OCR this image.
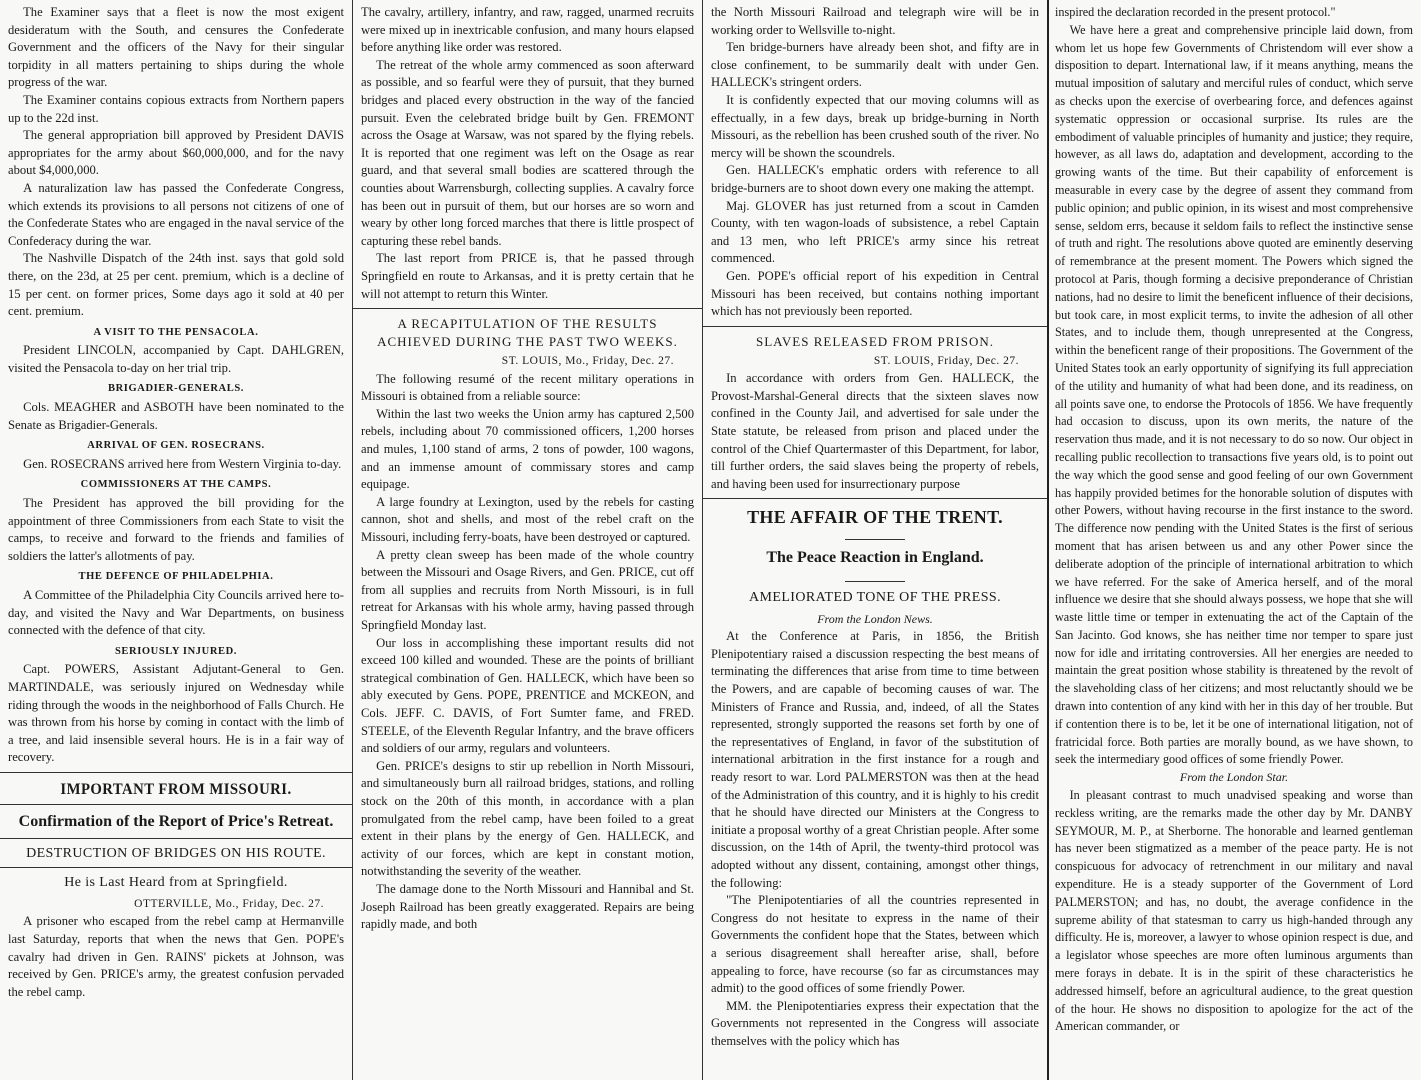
The Examiner says that a fleet is now the most exigent desideratum with the South, and censures the Confederate Government and the officers of the Navy for their singular torpidity in all matters pertaining to ships during the whole progress of the war.

The Examiner contains copious extracts from Northern papers up to the 22d inst.

The general appropriation bill approved by President DAVIS appropriates for the army about $60,000,000, and for the navy about $4,000,000.

A naturalization law has passed the Confederate Congress, which extends its provisions to all persons not citizens of one of the Confederate States who are engaged in the naval service of the Confederacy during the war.

The Nashville Dispatch of the 24th inst. says that gold sold there, on the 23d, at 25 per cent. premium, which is a decline of 15 per cent. on former prices, Some days ago it sold at 40 per cent. premium.

A VISIT TO THE PENSACOLA.

President LINCOLN, accompanied by Capt. DAHLGREN, visited the Pensacola to-day on her trial trip.

BRIGADIER-GENERALS.

Cols. MEAGHER and ASBOTH have been nominated to the Senate as Brigadier-Generals.

ARRIVAL OF GEN. ROSECRANS.

Gen. ROSECRANS arrived here from Western Virginia to-day.

COMMISSIONERS AT THE CAMPS.

The President has approved the bill providing for the appointment of three Commissioners from each State to visit the camps, to receive and forward to the friends and families of soldiers the latter's allotments of pay.

THE DEFENCE OF PHILADELPHIA.

A Committee of the Philadelphia City Councils arrived here to-day, and visited the Navy and War Departments, on business connected with the defence of that city.

SERIOUSLY INJURED.

Capt. POWERS, Assistant Adjutant-General to Gen. MARTINDALE, was seriously injured on Wednesday while riding through the woods in the neighborhood of Falls Church. He was thrown from his horse by coming in contact with the limb of a tree, and laid insensible several hours. He is in a fair way of recovery.

IMPORTANT FROM MISSOURI.

Confirmation of the Report of Price's Retreat.

DESTRUCTION OF BRIDGES ON HIS ROUTE.

He is Last Heard from at Springfield.

OTTERVILLE, Mo., Friday, Dec. 27.

A prisoner who escaped from the rebel camp at Hermanville last Saturday, reports that when the news that Gen. POPE's cavalry had driven in Gen. RAINS' pickets at Johnson, was received by Gen. PRICE's army, the greatest confusion pervaded the rebel camp.

The cavalry, artillery, infantry, and raw, ragged, unarmed recruits were mixed up in inextricable confusion, and many hours elapsed before anything like order was restored.

The retreat of the whole army commenced as soon afterward as possible, and so fearful were they of pursuit, that they burned bridges and placed every obstruction in the way of the fancied pursuit. Even the celebrated bridge built by Gen. FREMONT across the Osage at Warsaw, was not spared by the flying rebels. It is reported that one regiment was left on the Osage as rear guard, and that several small bodies are scattered through the counties about Warrensburgh, collecting supplies. A cavalry force has been out in pursuit of them, but our horses are so worn and weary by other long forced marches that there is little prospect of capturing these rebel bands.

The last report from PRICE is, that he passed through Springfield en route to Arkansas, and it is pretty certain that he will not attempt to return this Winter.

A RECAPITULATION OF THE RESULTS ACHIEVED DURING THE PAST TWO WEEKS.

ST. LOUIS, Mo., Friday, Dec. 27.

The following resumé of the recent military operations in Missouri is obtained from a reliable source:

Within the last two weeks the Union army has captured 2,500 rebels, including about 70 commissioned officers, 1,200 horses and mules, 1,100 stand of arms, 2 tons of powder, 100 wagons, and an immense amount of commissary stores and camp equipage.

A large foundry at Lexington, used by the rebels for casting cannon, shot and shells, and most of the rebel craft on the Missouri, including ferry-boats, have been destroyed or captured.

A pretty clean sweep has been made of the whole country between the Missouri and Osage Rivers, and Gen. PRICE, cut off from all supplies and recruits from North Missouri, is in full retreat for Arkansas with his whole army, having passed through Springfield Monday last.

Our loss in accomplishing these important results did not exceed 100 killed and wounded. These are the points of brilliant strategical combination of Gen. HALLECK, which have been so ably executed by Gens. POPE, PRENTICE and MCKEON, and Cols. JEFF. C. DAVIS, of Fort Sumter fame, and FRED. STEELE, of the Eleventh Regular Infantry, and the brave officers and soldiers of our army, regulars and volunteers.

Gen. PRICE's designs to stir up rebellion in North Missouri, and simultaneously burn all railroad bridges, stations, and rolling stock on the 20th of this month, in accordance with a plan promulgated from the rebel camp, have been foiled to a great extent in their plans by the energy of Gen. HALLECK, and activity of our forces, which are kept in constant motion, notwithstanding the severity of the weather.

The damage done to the North Missouri and Hannibal and St. Joseph Railroad has been greatly exaggerated. Repairs are being rapidly made, and both

the North Missouri Railroad and telegraph wire will be in working order to Wellsville to-night.

Ten bridge-burners have already been shot, and fifty are in close confinement, to be summarily dealt with under Gen. HALLECK's stringent orders.

It is confidently expected that our moving columns will as effectually, in a few days, break up bridge-burning in North Missouri, as the rebellion has been crushed south of the river. No mercy will be shown the scoundrels.

Gen. HALLECK's emphatic orders with reference to all bridge-burners are to shoot down every one making the attempt.

Maj. GLOVER has just returned from a scout in Camden County, with ten wagon-loads of subsistence, a rebel Captain and 13 men, who left PRICE's army since his retreat commenced.

Gen. POPE's official report of his expedition in Central Missouri has been received, but contains nothing important which has not previously been reported.

SLAVES RELEASED FROM PRISON.

ST. LOUIS, Friday, Dec. 27.

In accordance with orders from Gen. HALLECK, the Provost-Marshal-General directs that the sixteen slaves now confined in the County Jail, and advertised for sale under the State statute, be released from prison and placed under the control of the Chief Quartermaster of this Department, for labor, till further orders, the said slaves being the property of rebels, and having been used for insurrectionary purpose

THE AFFAIR OF THE TRENT.

The Peace Reaction in England.

AMELIORATED TONE OF THE PRESS.

From the London News.

At the Conference at Paris, in 1856, the British Plenipotentiary raised a discussion respecting the best means of terminating the differences that arise from time to time between the Powers, and are capable of becoming causes of war. The Ministers of France and Russia, and, indeed, of all the States represented, strongly supported the reasons set forth by one of the representatives of England, in favor of the substitution of international arbitration in the first instance for a rough and ready resort to war. Lord PALMERSTON was then at the head of the Administration of this country, and it is highly to his credit that he should have directed our Ministers at the Congress to initiate a proposal worthy of a great Christian people. After some discussion, on the 14th of April, the twenty-third protocol was adopted without any dissent, containing, amongst other things, the following:

"The Plenipotentiaries of all the countries represented in Congress do not hesitate to express in the name of their Governments the confident hope that the States, between which a serious disagreement shall hereafter arise, shall, before appealing to force, have recourse (so far as circumstances may admit) to the good offices of some friendly Power.

MM. the Plenipotentiaries express their expectation that the Governments not represented in the Congress will associate themselves with the policy which has

inspired the declaration recorded in the present protocol."

We have here a great and comprehensive principle laid down, from whom let us hope few Governments of Christendom will ever show a disposition to depart. International law, if it means anything, means the mutual imposition of salutary and merciful rules of conduct, which serve as checks upon the exercise of overbearing force, and defences against systematic oppression or occasional surprise. Its rules are the embodiment of valuable principles of humanity and justice; they require, however, as all laws do, adaptation and development, according to the growing wants of the time. But their capability of enforcement is measurable in every case by the degree of assent they command from public opinion; and public opinion, in its wisest and most comprehensive sense, seldom errs, because it seldom fails to reflect the instinctive sense of truth and right. The resolutions above quoted are eminently deserving of remembrance at the present moment. The Powers which signed the protocol at Paris, though forming a decisive preponderance of Christian nations, had no desire to limit the beneficent influence of their decisions, but took care, in most explicit terms, to invite the adhesion of all other States, and to include them, though unrepresented at the Congress, within the beneficent range of their propositions. The Government of the United States took an early opportunity of signifying its full appreciation of the utility and humanity of what had been done, and its readiness, on all points save one, to endorse the Protocols of 1856. We have frequently had occasion to discuss, upon its own merits, the nature of the reservation thus made, and it is not necessary to do so now. Our object in recalling public recollection to transactions five years old, is to point out the way which the good sense and good feeling of our own Government has happily provided betimes for the honorable solution of disputes with other Powers, without having recourse in the first instance to the sword. The difference now pending with the United States is the first of serious moment that has arisen between us and any other Power since the deliberate adoption of the principle of international arbitration to which we have referred. For the sake of America herself, and of the moral influence we desire that she should always possess, we hope that she will waste little time or temper in extenuating the act of the Captain of the San Jacinto. God knows, she has neither time nor temper to spare just now for idle and irritating controversies. All her energies are needed to maintain the great position whose stability is threatened by the revolt of the slaveholding class of her citizens; and most reluctantly should we be drawn into contention of any kind with her in this day of her trouble. But if contention there is to be, let it be one of international litigation, not of fratricidal force. Both parties are morally bound, as we have shown, to seek the intermediary good offices of some friendly Power.

From the London Star.

In pleasant contrast to much unadvised speaking and worse than reckless writing, are the remarks made the other day by Mr. DANBY SEYMOUR, M. P., at Sherborne. The honorable and learned gentleman has never been stigmatized as a member of the peace party. He is not conspicuous for advocacy of retrenchment in our military and naval expenditure. He is a steady supporter of the Government of Lord PALMERSTON; and has, no doubt, the average confidence in the supreme ability of that statesman to carry us high-handed through any difficulty. He is, moreover, a lawyer to whose opinion respect is due, and a legislator whose speeches are more often luminous arguments than mere forays in debate. It is in the spirit of these characteristics he addressed himself, before an agricultural audience, to the great question of the hour. He shows no disposition to apologize for the act of the American commander, or
